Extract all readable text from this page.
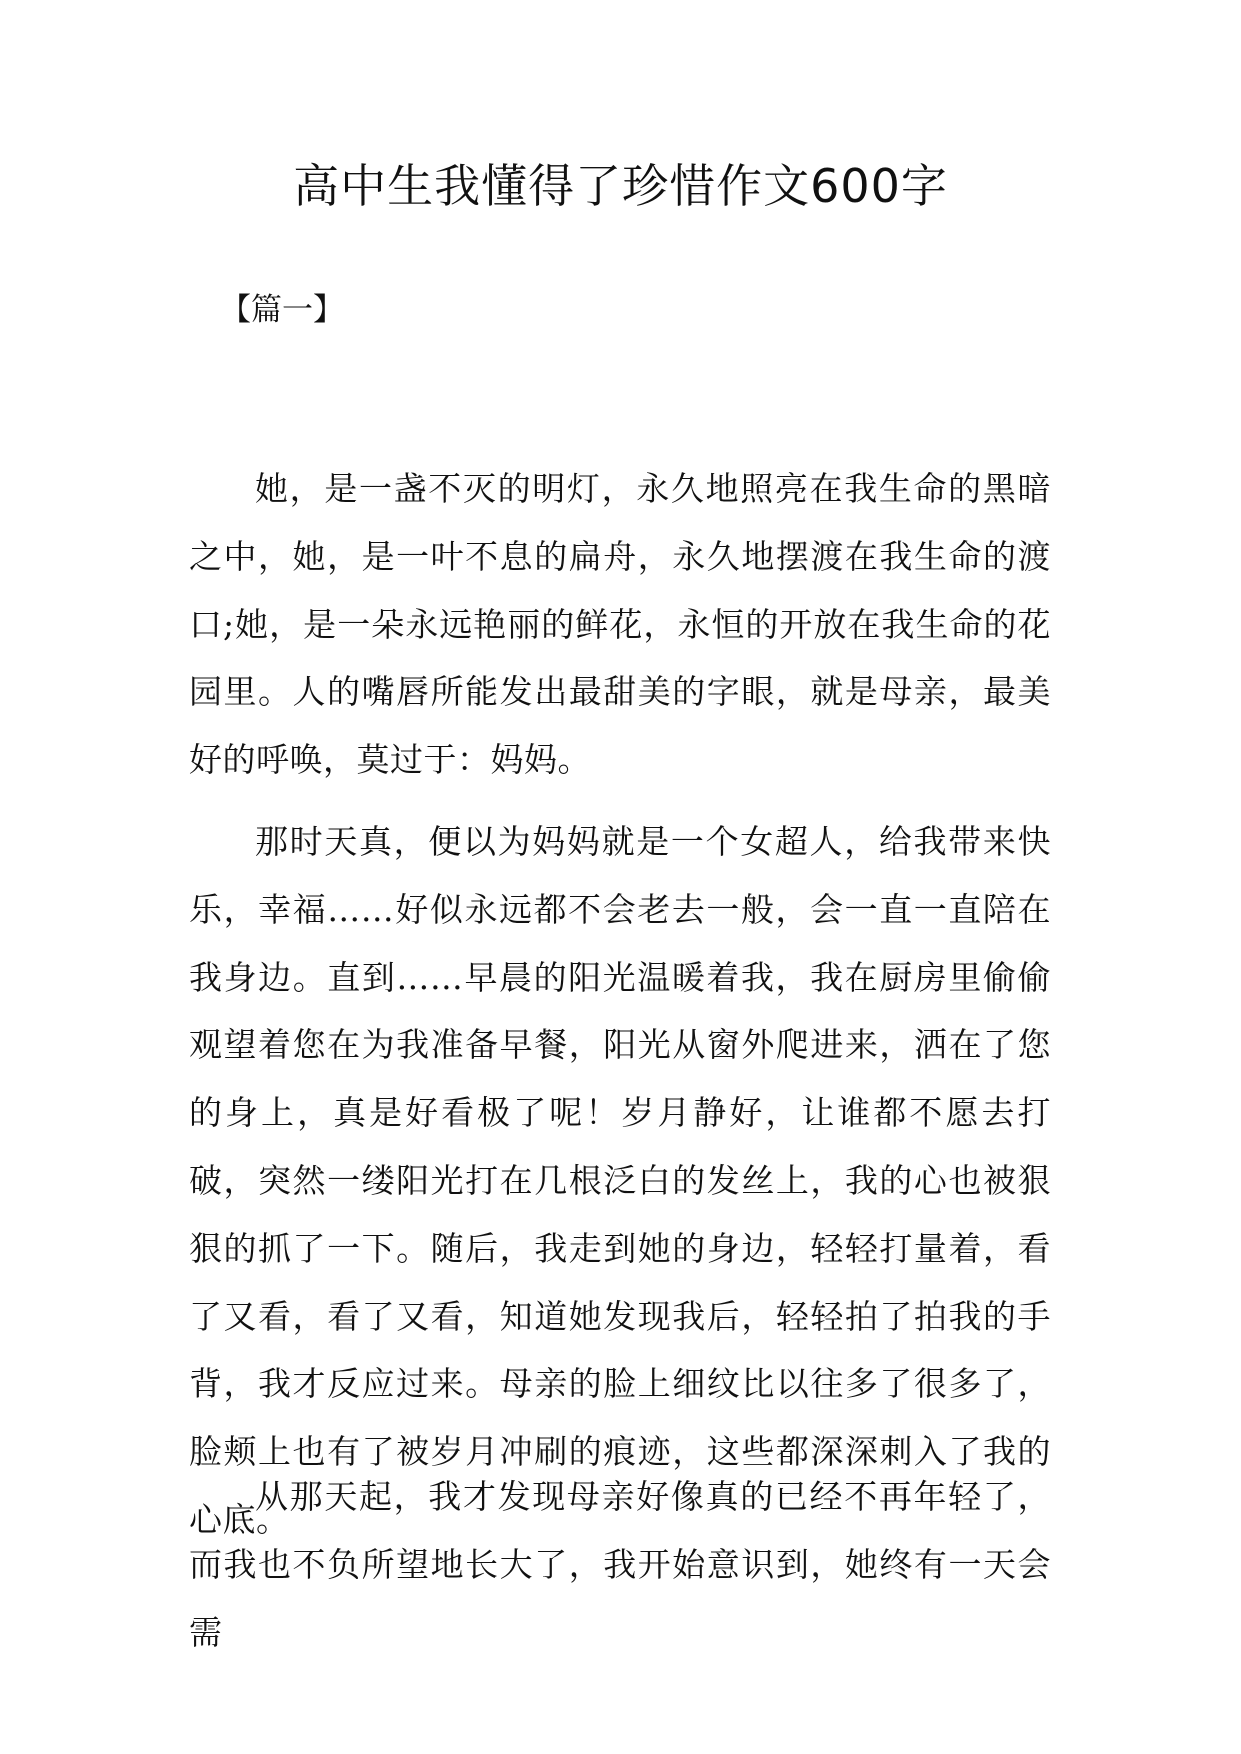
高中生我懂得了珍惜作文600字

【篇一】

她，是一盏不灭的明灯，永久地照亮在我生命的黑暗之中，她，是一叶不息的扁舟，永久地摆渡在我生命的渡口;她，是一朵永远艳丽的鲜花，永恒的开放在我生命的花园里。人的嘴唇所能发出最甜美的字眼，就是母亲，最美好的呼唤，莫过于：妈妈。

那时天真，便以为妈妈就是一个女超人，给我带来快乐，幸福……好似永远都不会老去一般，会一直一直陪在我身边。直到……早晨的阳光温暖着我，我在厨房里偷偷观望着您在为我准备早餐，阳光从窗外爬进来，洒在了您的身上，真是好看极了呢！岁月静好，让谁都不愿去打破，突然一缕阳光打在几根泛白的发丝上，我的心也被狠狠的抓了一下。随后，我走到她的身边，轻轻打量着，看了又看，看了又看，知道她发现我后，轻轻拍了拍我的手背，我才反应过来。母亲的脸上细纹比以往多了很多了，脸颊上也有了被岁月冲刷的痕迹，这些都深深刺入了我的心底。

从那天起，我才发现母亲好像真的已经不再年轻了，而我也不负所望地长大了，我开始意识到，她终有一天会需
